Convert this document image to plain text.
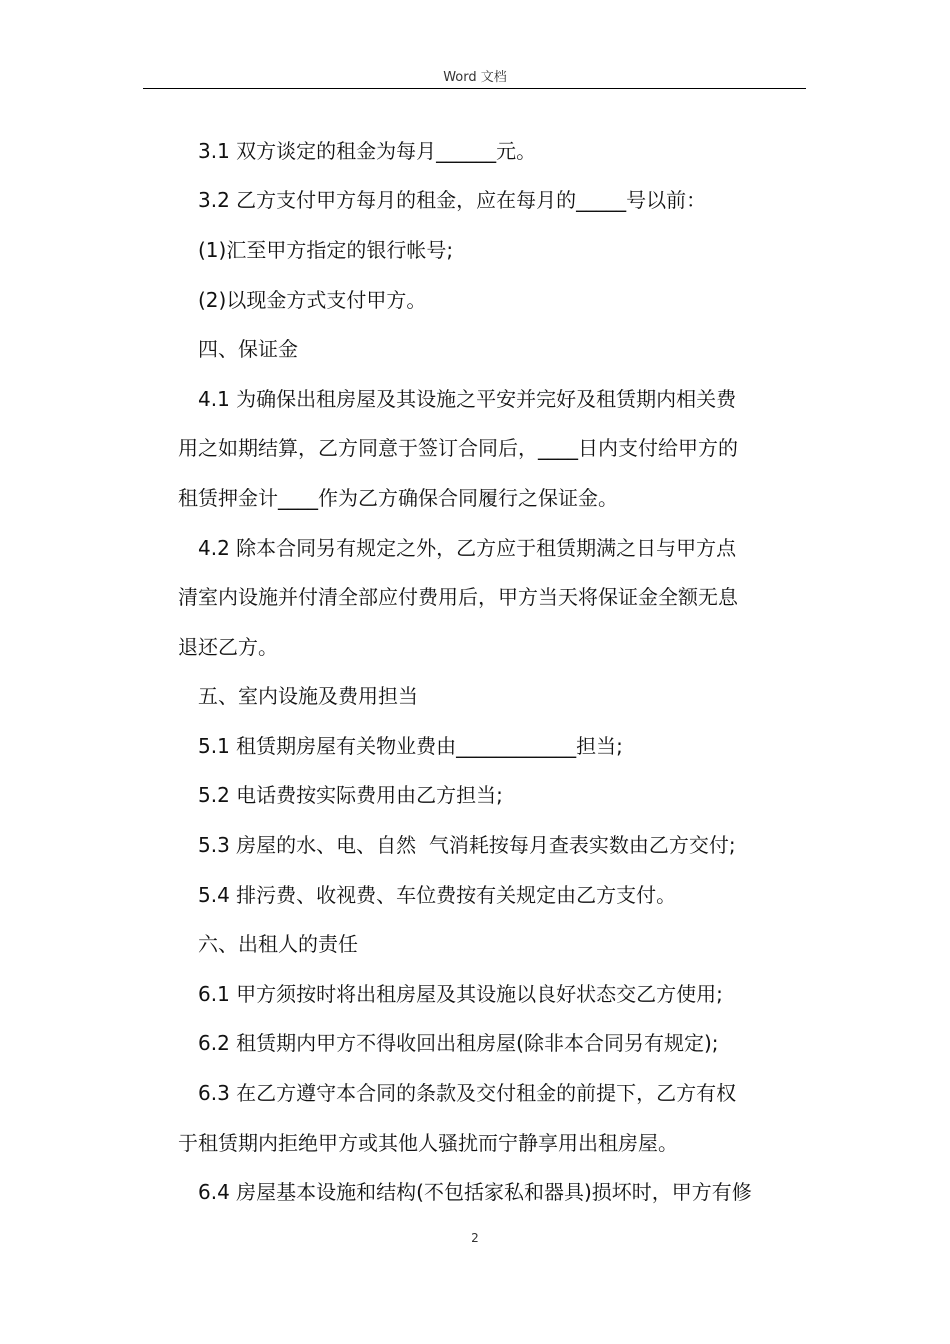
Word 文档

　3.1 双方谈定的租金为每月______元。

　3.2 乙方支付甲方每月的租金，应在每月的_____号以前：

　(1)汇至甲方指定的银行帐号;

　(2)以现金方式支付甲方。

　四、保证金

　4.1 为确保出租房屋及其设施之平安并完好及租赁期内相关费

用之如期结算，乙方同意于签订合同后，____日内支付给甲方的

租赁押金计____作为乙方确保合同履行之保证金。

　4.2 除本合同另有规定之外，乙方应于租赁期满之日与甲方点

清室内设施并付清全部应付费用后，甲方当天将保证金全额无息

退还乙方。

　五、室内设施及费用担当

　5.1 租赁期房屋有关物业费由____________担当;

　5.2 电话费按实际费用由乙方担当;

　5.3 房屋的水、电、自然  气消耗按每月查表实数由乙方交付;

　5.4 排污费、收视费、车位费按有关规定由乙方支付。

　六、出租人的责任

　6.1 甲方须按时将出租房屋及其设施以良好状态交乙方使用;

　6.2 租赁期内甲方不得收回出租房屋(除非本合同另有规定);

　6.3 在乙方遵守本合同的条款及交付租金的前提下，乙方有权

于租赁期内拒绝甲方或其他人骚扰而宁静享用出租房屋。

　6.4 房屋基本设施和结构(不包括家私和器具)损坏时，甲方有修

2
